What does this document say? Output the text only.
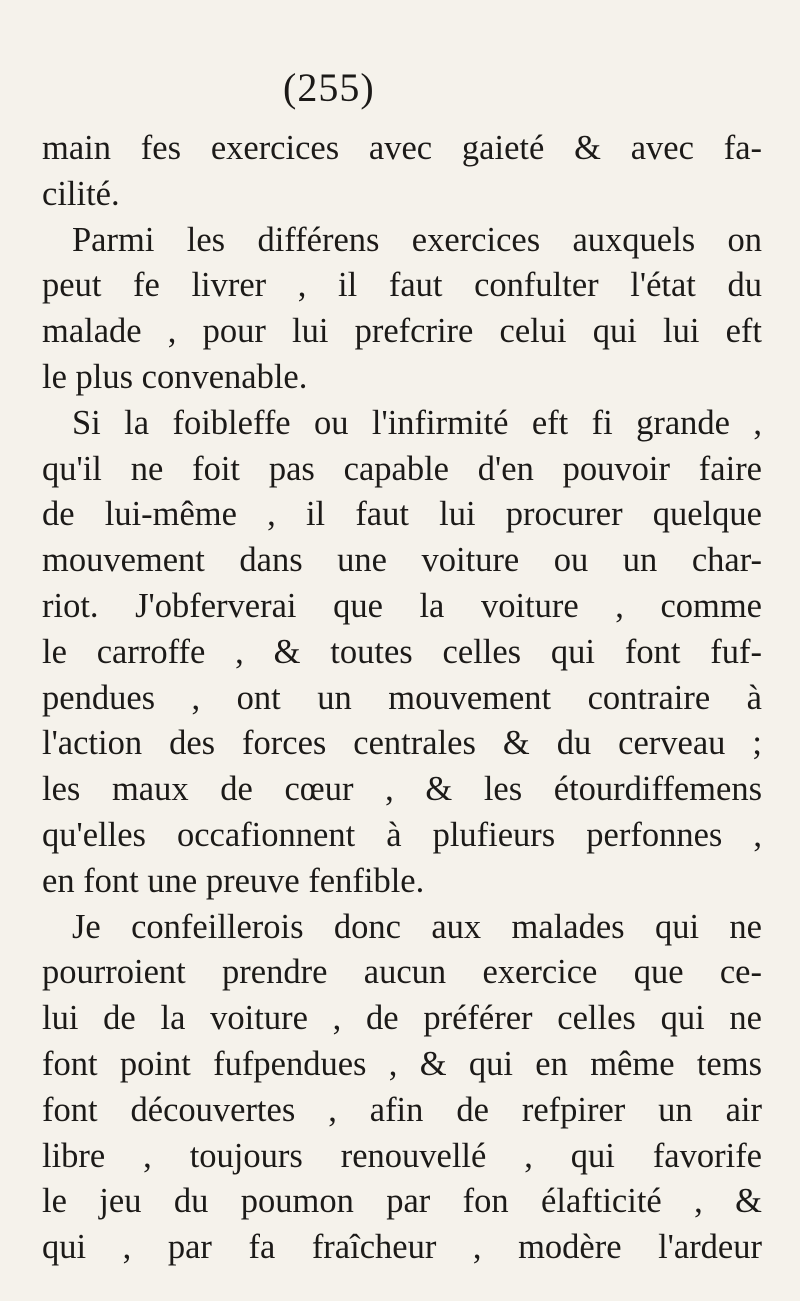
(255)
main fes exercices avec gaieté & avec fa-
cilité.
Parmi les différens exercices auxquels on
peut fe livrer , il faut confulter l'état du
malade , pour lui prefcrire celui qui lui eft
le plus convenable.
Si la foibleffe ou l'infirmité eft fi grande ,
qu'il ne foit pas capable d'en pouvoir faire
de lui-même , il faut lui procurer quelque
mouvement dans une voiture ou un char-
riot. J'obferverai que la voiture , comme
le carroffe , & toutes celles qui font fuf-
pendues , ont un mouvement contraire à
l'action des forces centrales & du cerveau ;
les maux de cœur , & les étourdiffemens
qu'elles occafionnent à plufieurs perfonnes ,
en font une preuve fenfible.
Je confeillerois donc aux malades qui ne
pourroient prendre aucun exercice que ce-
lui de la voiture , de préférer celles qui ne
font point fufpendues , & qui en même tems
font découvertes , afin de refpirer un air
libre , toujours renouvellé , qui favorife
le jeu du poumon par fon élafticité , &
qui , par fa fraîcheur , modère l'ardeur
